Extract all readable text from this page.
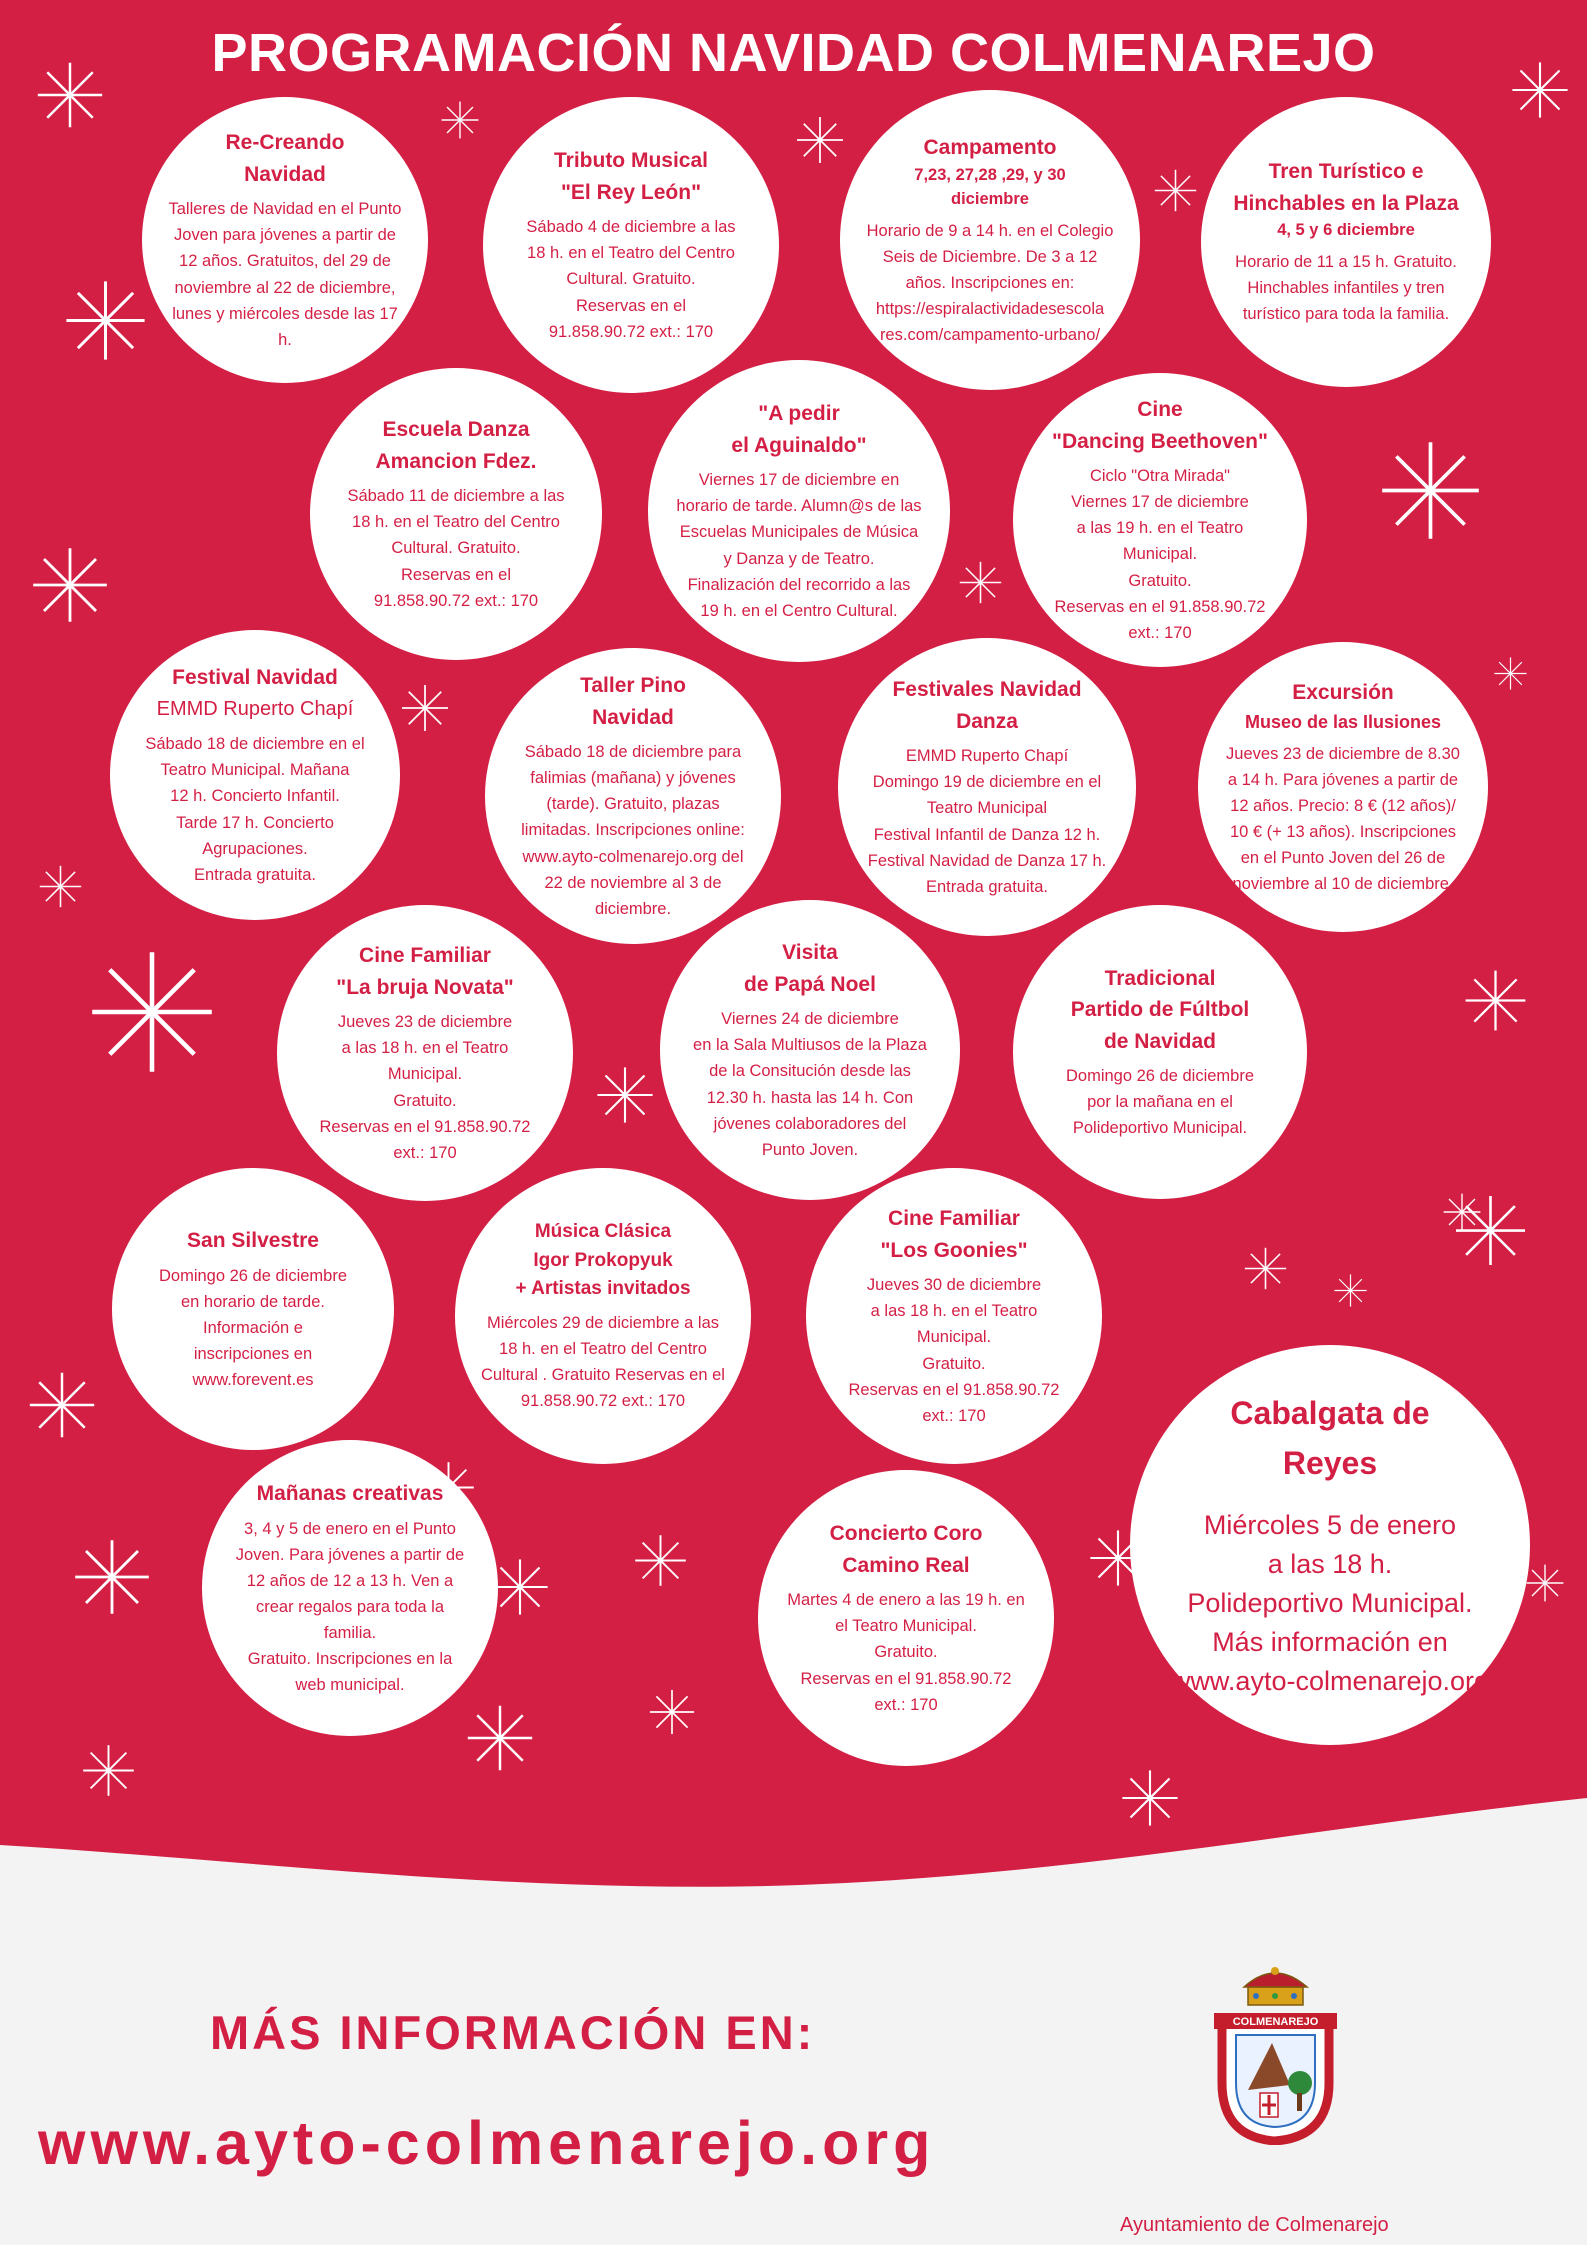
PROGRAMACIÓN NAVIDAD COLMENAREJO
Re-Creando
Navidad
Talleres de Navidad en el Punto
Joven para jóvenes a partir de
12 años. Gratuitos, del 29 de
noviembre al 22 de diciembre,
lunes y miércoles desde las 17 h.
Tributo Musical
"El Rey León"
Sábado 4 de diciembre a las
18 h. en el Teatro del Centro
Cultural. Gratuito.
Reservas en el
91.858.90.72 ext.: 170
Campamento
7,23, 27,28 ,29, y 30
diciembre
Horario de 9 a 14 h. en el Colegio
Seis de Diciembre. De 3 a 12
años. Inscripciones en:
https://espiralactividadesescola
res.com/campamento-urbano/
Tren Turístico e
Hinchables en la Plaza
4, 5 y 6 diciembre
Horario de 11 a 15 h. Gratuito.
Hinchables infantiles y tren
turístico para toda la familia.
Escuela Danza
Amancion Fdez.
Sábado 11 de diciembre a las
18 h. en el Teatro del Centro
Cultural. Gratuito.
Reservas en el
91.858.90.72 ext.: 170
"A pedir
el Aguinaldo"
Viernes 17 de diciembre en
horario de tarde. Alumn@s de las
Escuelas Municipales de Música
y Danza y de Teatro.
Finalización del recorrido a las
19 h. en el Centro Cultural.
Cine
"Dancing Beethoven"
Ciclo "Otra Mirada"
Viernes 17 de diciembre
a las 19 h. en el Teatro Municipal.
Gratuito.
Reservas en el 91.858.90.72
ext.: 170
Festival Navidad
EMMD Ruperto Chapí
Sábado 18 de diciembre en el
Teatro Municipal. Mañana
12 h. Concierto Infantil.
Tarde 17 h. Concierto
Agrupaciones.
Entrada gratuita.
Taller Pino
Navidad
Sábado 18 de diciembre para
falimias (mañana) y jóvenes
(tarde). Gratuito, plazas
limitadas. Inscripciones online:
www.ayto-colmenarejo.org del
22 de noviembre al 3 de
diciembre.
Festivales Navidad
Danza
EMMD Ruperto Chapí
Domingo 19 de diciembre en el
Teatro Municipal
Festival Infantil de Danza 12 h.
Festival Navidad de Danza 17 h.
Entrada gratuita.
Excursión
Museo de las Ilusiones
Jueves 23 de diciembre de 8.30
a 14 h. Para jóvenes a partir de
12 años. Precio: 8 € (12 años)/
10 € (+ 13 años). Inscripciones
en el Punto Joven del 26 de
noviembre al 10 de diciembre.
Cine Familiar
"La bruja Novata"
Jueves 23 de diciembre
a las 18 h. en el Teatro Municipal.
Gratuito.
Reservas en el 91.858.90.72
ext.: 170
Visita
de Papá Noel
Viernes 24 de diciembre
en la Sala Multiusos de la Plaza
de la Consitución desde las
12.30 h. hasta las 14 h. Con
jóvenes colaboradores del
Punto Joven.
Tradicional
Partido de Fúltbol
de Navidad
Domingo 26 de diciembre
por la mañana en el
Polideportivo Municipal.
San Silvestre
Domingo 26 de diciembre
en horario de tarde.
Información e
inscripciones en
www.forevent.es
Música Clásica
Igor Prokopyuk
+ Artistas invitados
Miércoles 29 de diciembre a las
18 h. en el Teatro del Centro
Cultural . Gratuito Reservas en el
91.858.90.72 ext.: 170
Cine Familiar
"Los Goonies"
Jueves 30 de diciembre
a las 18 h. en el Teatro Municipal.
Gratuito.
Reservas en el 91.858.90.72
ext.: 170	Cabalgata de
Reyes
Miércoles 5 de enero
a las 18 h.
Polideportivo Municipal.
Más información en
www.ayto-colmenarejo.org
Mañanas creativas
3, 4 y 5 de enero en el Punto
Joven. Para jóvenes a partir de
12 años de 12 a 13 h. Ven a
crear regalos para toda la familia.
Gratuito. Inscripciones en la
web municipal.
Concierto Coro
Camino Real
Martes 4 de enero a las 19 h. en
el Teatro Municipal.
Gratuito.
Reservas en el 91.858.90.72
ext.: 170
MÁS INFORMACIÓN EN:
www.ayto-colmenarejo.org
COLMENAREJO
Ayuntamiento de Colmenarejo
